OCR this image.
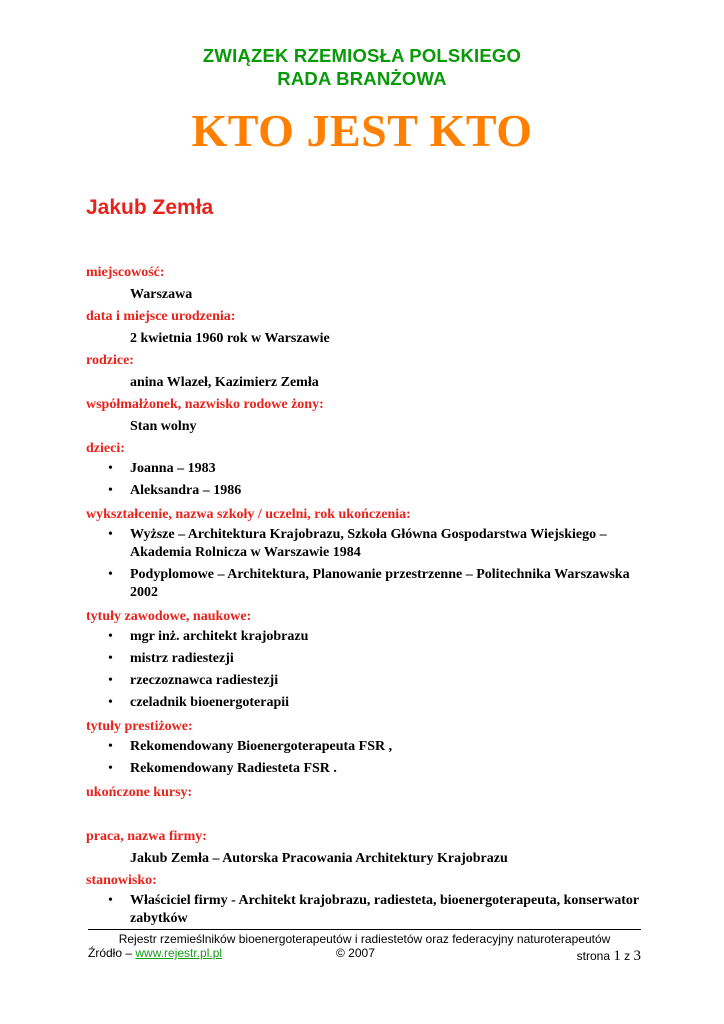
ZWIĄZEK RZEMIOSŁA POLSKIEGO
RADA BRANŻOWA
KTO JEST KTO
Jakub Zemła
miejscowość:
Warszawa
data i miejsce urodzenia:
2 kwietnia 1960 rok w Warszawie
rodzice:
anina Wlazeł, Kazimierz Zemła
współmałżonek, nazwisko rodowe żony:
Stan wolny
dzieci:
• Joanna – 1983
• Aleksandra – 1986
wykształcenie, nazwa szkoły / uczelni, rok ukończenia:
• Wyższe – Architektura Krajobrazu, Szkoła Główna Gospodarstwa Wiejskiego – Akademia Rolnicza w Warszawie 1984
• Podyplomowe – Architektura, Planowanie przestrzenne – Politechnika Warszawska 2002
tytuły zawodowe, naukowe:
• mgr inż. architekt krajobrazu
• mistrz radiestezji
• rzeczoznawca radiestezji
• czeladnik bioenergoterapii
tytuły prestiżowe:
• Rekomendowany Bioenergoterapeuta FSR ,
• Rekomendowany Radiesteta FSR .
ukończone kursy:
praca, nazwa firmy:
Jakub Zemła – Autorska Pracowania Architektury Krajobrazu
stanowisko:
• Właściciel firmy - Architekt krajobrazu, radiesteta, bioenergoterapeuta, konserwator zabytków
Rejestr rzemieślników bioenergoterapeutów i radiestetów oraz federacyjny naturoterapeutów
Źródło – www.rejestr.pl.pl	© 2007	strona 1 z 3
